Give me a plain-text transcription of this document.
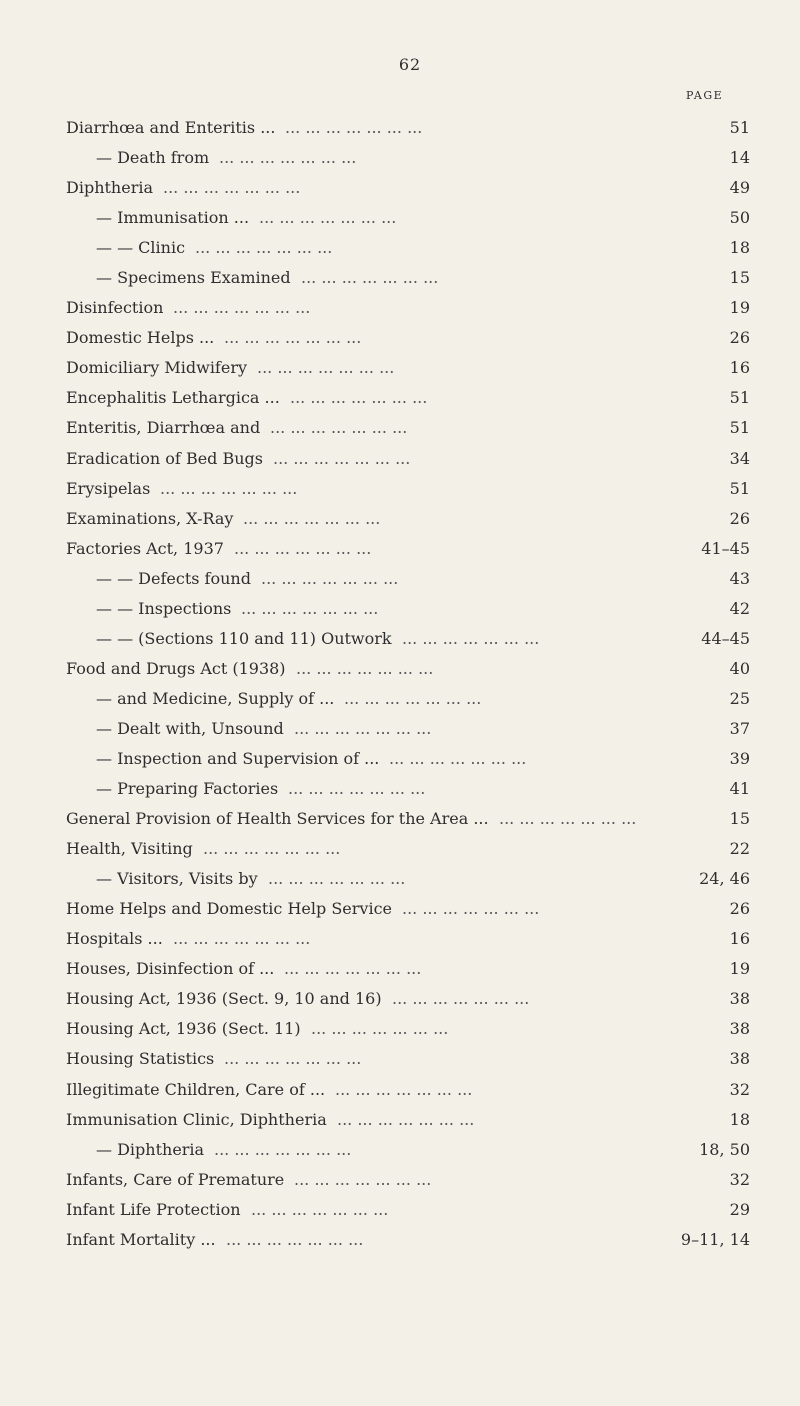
62
PAGE
... ... ... ... ... ... ...
Diarrhœa and Enteritis ...	51
... ... ... ... ... ... ...
— Death from	14
... ... ... ... ... ... ...
Diphtheria	49
... ... ... ... ... ... ...
— Immunisation ...	50
... ... ... ... ... ... ...
— — Clinic	18
... ... ... ... ... ... ...
— Specimens Examined	15
... ... ... ... ... ... ...
Disinfection	19
... ... ... ... ... ... ...
Domestic Helps ...	26
... ... ... ... ... ... ...
Domiciliary Midwifery	16
... ... ... ... ... ... ...
Encephalitis Lethargica ...	51
... ... ... ... ... ... ...
Enteritis, Diarrhœa and	51
... ... ... ... ... ... ...
Eradication of Bed Bugs	34
... ... ... ... ... ... ...
Erysipelas	51
... ... ... ... ... ... ...
Examinations, X-Ray	26
... ... ... ... ... ... ...
Factories Act, 1937	41–45
... ... ... ... ... ... ...
— — Defects found	43
... ... ... ... ... ... ...
— — Inspections	42
... ... ... ... ... ... ...
— — (Sections 110 and 11) Outwork	44–45
... ... ... ... ... ... ...
Food and Drugs Act (1938)	40
... ... ... ... ... ... ...
— and Medicine, Supply of ...	25
... ... ... ... ... ... ...
— Dealt with, Unsound	37
... ... ... ... ... ... ...
— Inspection and Supervision of ...	39
... ... ... ... ... ... ...
— Preparing Factories	41
... ... ... ... ... ... ...
General Provision of Health Services for the Area ...	15
... ... ... ... ... ... ...
Health, Visiting	22
... ... ... ... ... ... ...
— Visitors, Visits by	24, 46
... ... ... ... ... ... ...
Home Helps and Domestic Help Service	26
... ... ... ... ... ... ...
Hospitals ...	16
... ... ... ... ... ... ...
Houses, Disinfection of ...	19
... ... ... ... ... ... ...
Housing Act, 1936 (Sect. 9, 10 and 16)	38
... ... ... ... ... ... ...
Housing Act, 1936 (Sect. 11)	38
... ... ... ... ... ... ...
Housing Statistics	38
... ... ... ... ... ... ...
Illegitimate Children, Care of ...	32
... ... ... ... ... ... ...
Immunisation Clinic, Diphtheria	18
... ... ... ... ... ... ...
— Diphtheria	18, 50
... ... ... ... ... ... ...
Infants, Care of Premature	32
... ... ... ... ... ... ...
Infant Life Protection	29
... ... ... ... ... ... ...
Infant Mortality ...	9–11, 14
